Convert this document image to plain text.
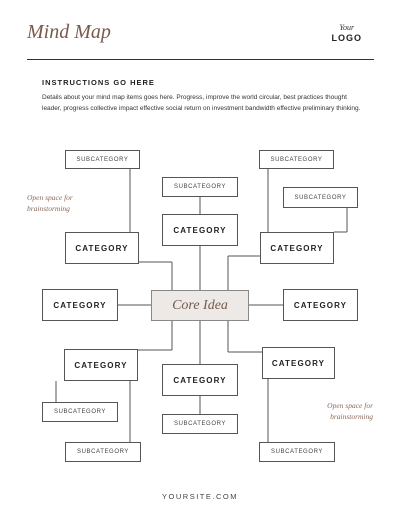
Mind Map	Your
LOGO
INSTRUCTIONS GO HERE
Details about your mind map items goes here. Progress, improve the world circular, best practices thought leader, progress collective impact effective social return on investment bandwidth effective preliminary thinking.
SUBCATEGORY
SUBCATEGORY
SUBCATEGORY
SUBCATEGORY
SUBCATEGORY
SUBCATEGORY
SUBCATEGORY	SUBCATEGORY
CATEGORY
CATEGORY	CATEGORY
CATEGORY	CATEGORY
CATEGORY	CATEGORY
CATEGORY
Core Idea
Open space for brainstorming
Open space for brainstorming
YOURSITE.COM
